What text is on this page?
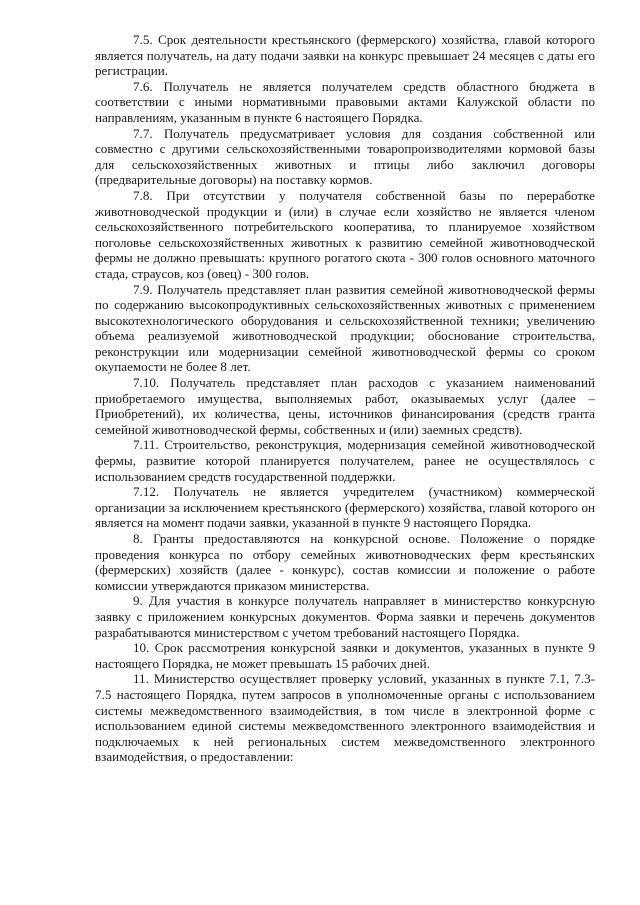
7.5. Срок деятельности крестьянского (фермерского) хозяйства, главой которого является получатель, на дату подачи заявки на конкурс превышает 24 месяцев с даты его регистрации.

7.6. Получатель не является получателем средств областного бюджета в соответствии с иными нормативными правовыми актами Калужской области по направлениям, указанным в пункте 6 настоящего Порядка.

7.7. Получатель предусматривает условия для создания собственной или совместно с другими сельскохозяйственными товаропроизводителями кормовой базы для сельскохозяйственных животных и птицы либо заключил договоры (предварительные договоры) на поставку кормов.

7.8. При отсутствии у получателя собственной базы по переработке животноводческой продукции и (или) в случае если хозяйство не является членом сельскохозяйственного потребительского кооператива, то планируемое хозяйством поголовье сельскохозяйственных животных к развитию семейной животноводческой фермы не должно превышать: крупного рогатого скота - 300 голов основного маточного стада, страусов, коз (овец) - 300 голов.

7.9. Получатель представляет план развития семейной животноводческой фермы по содержанию высокопродуктивных сельскохозяйственных животных с применением высокотехнологического оборудования и сельскохозяйственной техники; увеличению объема реализуемой животноводческой продукции; обоснование строительства, реконструкции или модернизации семейной животноводческой фермы со сроком окупаемости не более 8 лет.

7.10. Получатель представляет план расходов с указанием наименований приобретаемого имущества, выполняемых работ, оказываемых услуг (далее – Приобретений), их количества, цены, источников финансирования (средств гранта семейной животноводческой фермы, собственных и (или) заемных средств).

7.11. Строительство, реконструкция, модернизация семейной животноводческой фермы, развитие которой планируется получателем, ранее не осуществлялось с использованием средств государственной поддержки.

7.12. Получатель не является учредителем (участником) коммерческой организации за исключением крестьянского (фермерского) хозяйства, главой которого он является на момент подачи заявки, указанной в пункте 9 настоящего Порядка.

8. Гранты предоставляются на конкурсной основе. Положение о порядке проведения конкурса по отбору семейных животноводческих ферм крестьянских (фермерских) хозяйств (далее - конкурс), состав комиссии и положение о работе комиссии утверждаются приказом министерства.

9. Для участия в конкурсе получатель направляет в министерство конкурсную заявку с приложением конкурсных документов. Форма заявки и перечень документов разрабатываются министерством с учетом требований настоящего Порядка.

10. Срок рассмотрения конкурсной заявки и документов, указанных в пункте 9 настоящего Порядка, не может превышать 15 рабочих дней.

11. Министерство осуществляет проверку условий, указанных в пункте 7.1, 7.3-7.5 настоящего Порядка, путем запросов в уполномоченные органы с использованием системы межведомственного взаимодействия, в том числе в электронной форме с использованием единой системы межведомственного электронного взаимодействия и подключаемых к ней региональных систем межведомственного электронного взаимодействия, о предоставлении:
